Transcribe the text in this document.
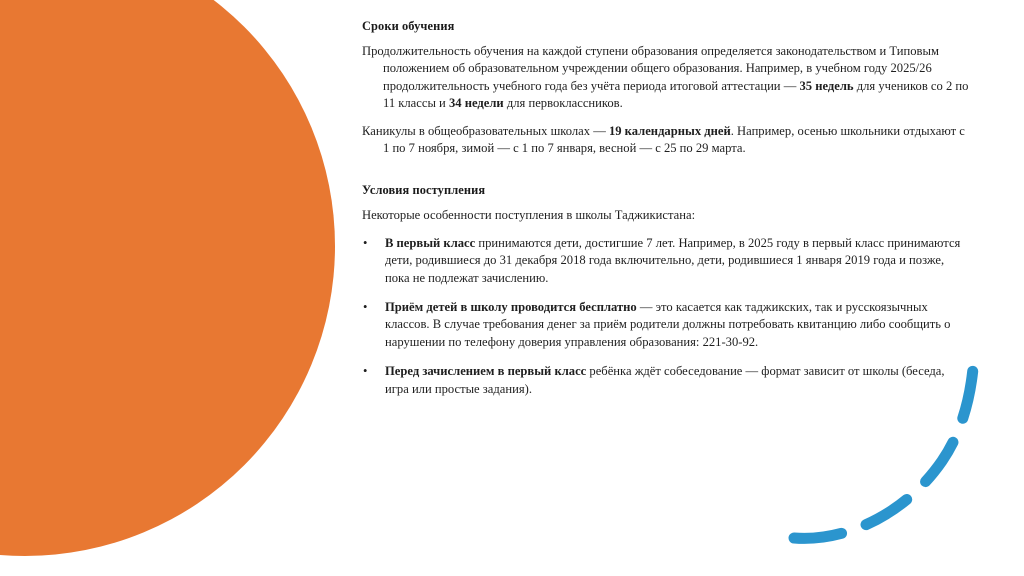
Сроки обучения

Продолжительность обучения на каждой ступени образования определяется законодательством и Типовым положением об образовательном учреждении общего образования. Например, в учебном году 2025/26 продолжительность учебного года без учёта периода итоговой аттестации — 35 недель для учеников со 2 по 11 классы и 34 недели для первоклассников.

Каникулы в общеобразовательных школах — 19 календарных дней. Например, осенью школьники отдыхают с 1 по 7 ноября, зимой — с 1 по 7 января, весной — с 25 по 29 марта.

Условия поступления

Некоторые особенности поступления в школы Таджикистана:

• В первый класс принимаются дети, достигшие 7 лет. Например, в 2025 году в первый класс принимаются дети, родившиеся до 31 декабря 2018 года включительно, дети, родившиеся 1 января 2019 года и позже, пока не подлежат зачислению.
• Приём детей в школу проводится бесплатно — это касается как таджикских, так и русскоязычных классов. В случае требования денег за приём родители должны потребовать квитанцию либо сообщить о нарушении по телефону доверия управления образования: 221-30-92.
• Перед зачислением в первый класс ребёнка ждёт собеседование — формат зависит от школы (беседа, игра или простые задания).
